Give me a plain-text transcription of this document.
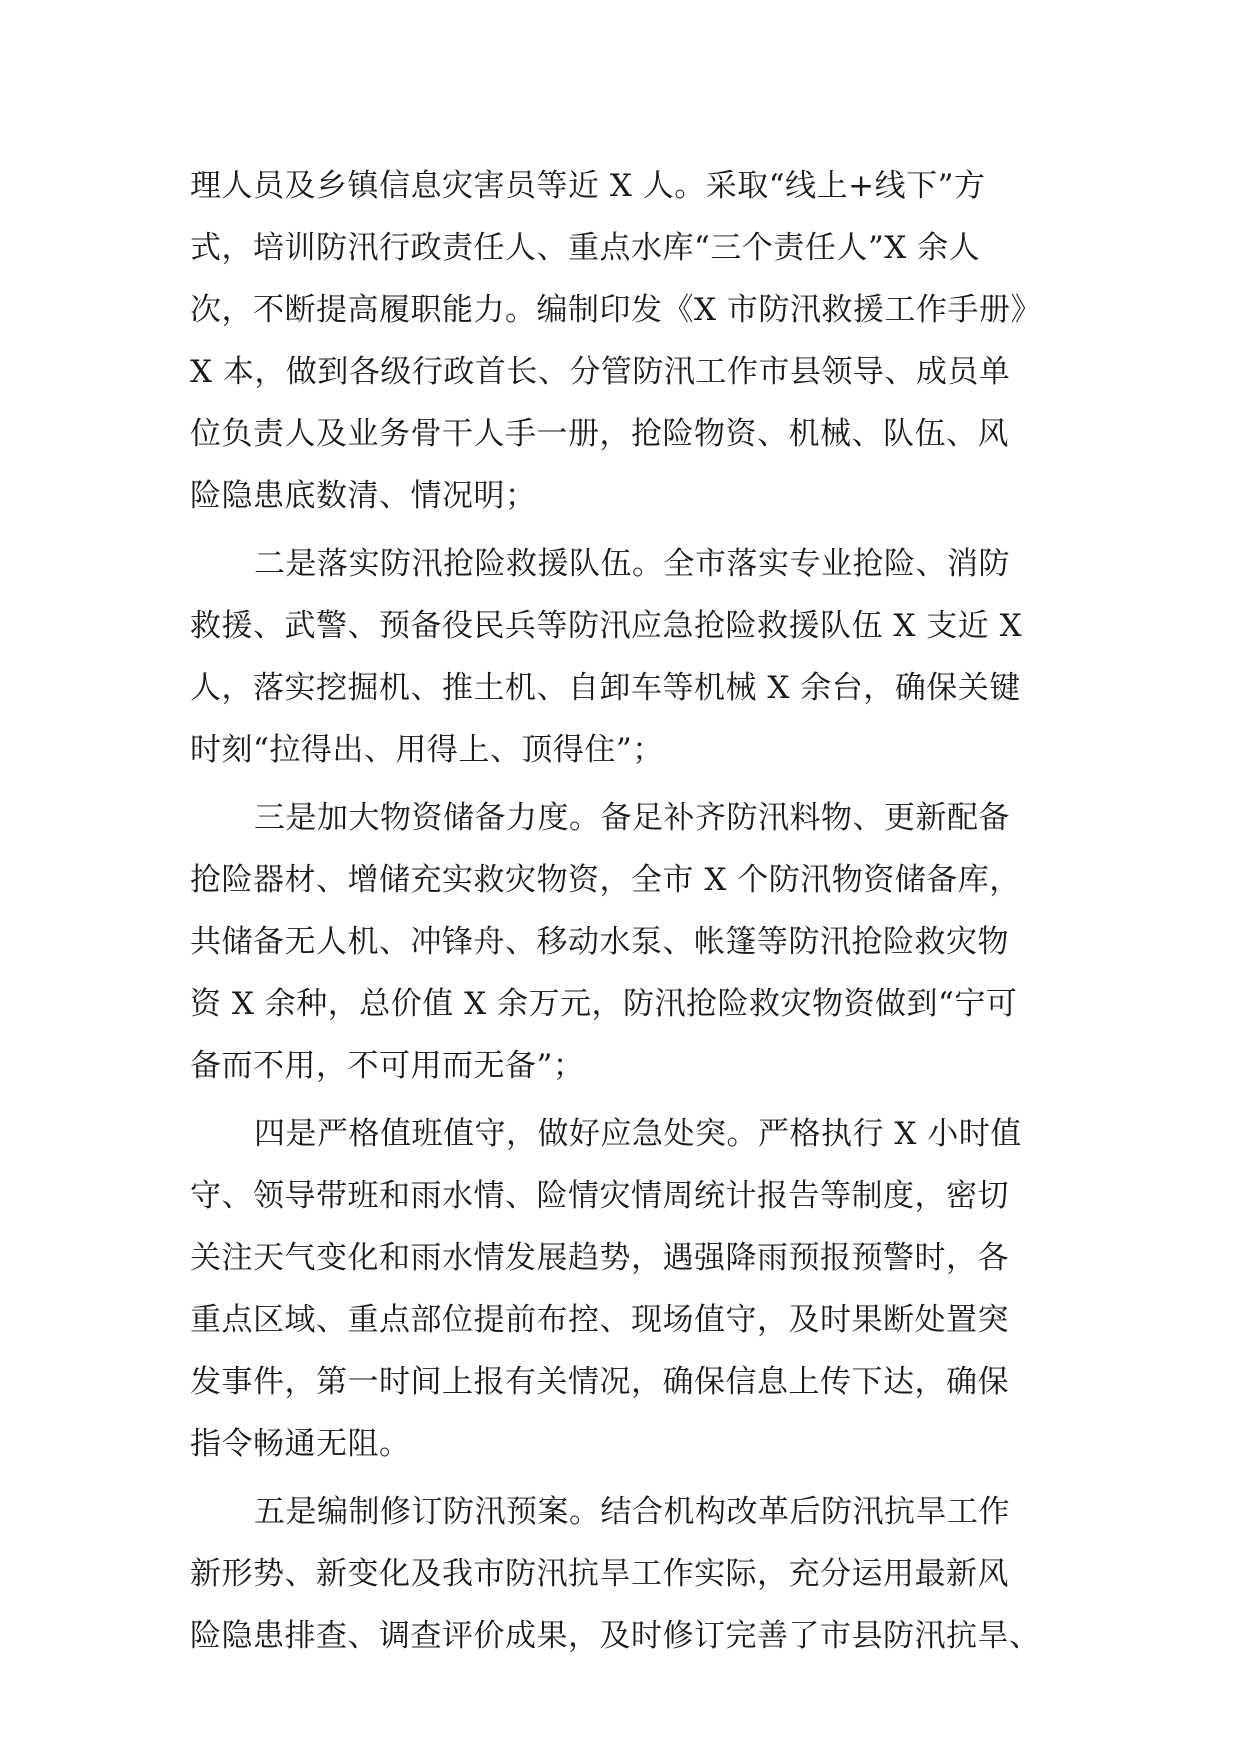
理人员及乡镇信息灾害员等近 X 人。采取“线上+线下”方
式，培训防汛行政责任人、重点水库“三个责任人”X 余人
次，不断提高履职能力。编制印发《X 市防汛救援工作手册》
X 本，做到各级行政首长、分管防汛工作市县领导、成员单
位负责人及业务骨干人手一册，抢险物资、机械、队伍、风
险隐患底数清、情况明；
二是落实防汛抢险救援队伍。全市落实专业抢险、消防
救援、武警、预备役民兵等防汛应急抢险救援队伍 X 支近 X
人，落实挖掘机、推土机、自卸车等机械 X 余台，确保关键
时刻“拉得出、用得上、顶得住”；
三是加大物资储备力度。备足补齐防汛料物、更新配备
抢险器材、增储充实救灾物资，全市 X 个防汛物资储备库，
共储备无人机、冲锋舟、移动水泵、帐篷等防汛抢险救灾物
资 X 余种，总价值 X 余万元，防汛抢险救灾物资做到“宁可
备而不用，不可用而无备”；
四是严格值班值守，做好应急处突。严格执行 X 小时值
守、领导带班和雨水情、险情灾情周统计报告等制度，密切
关注天气变化和雨水情发展趋势，遇强降雨预报预警时，各
重点区域、重点部位提前布控、现场值守，及时果断处置突
发事件，第一时间上报有关情况，确保信息上传下达，确保
指令畅通无阻。
五是编制修订防汛预案。结合机构改革后防汛抗旱工作
新形势、新变化及我市防汛抗旱工作实际，充分运用最新风
险隐患排查、调查评价成果，及时修订完善了市县防汛抗旱、
